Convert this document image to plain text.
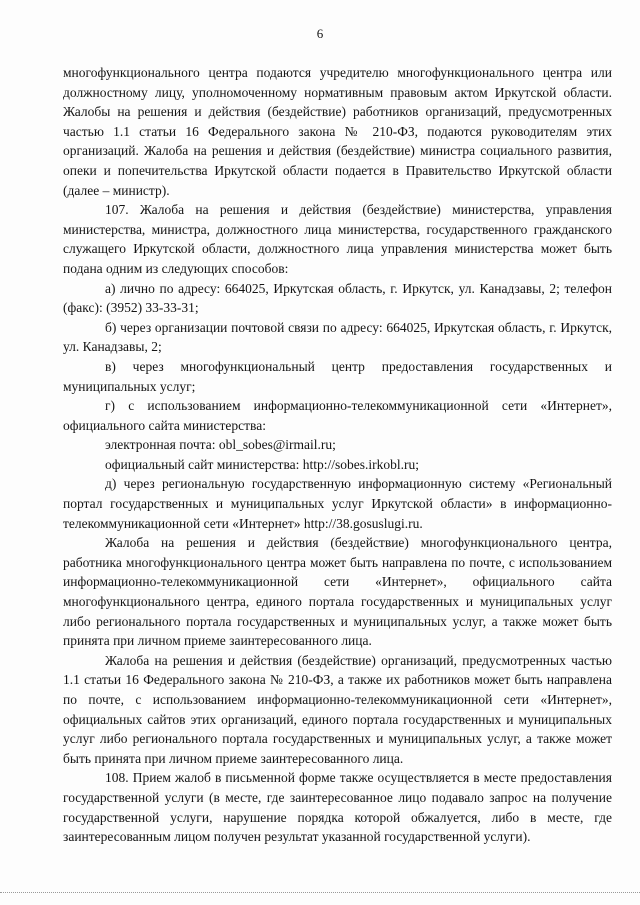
6

многофункционального центра подаются учредителю многофункционального центра или должностному лицу, уполномоченному нормативным правовым актом Иркутской области. Жалобы на решения и действия (бездействие) работников организаций, предусмотренных частью 1.1 статьи 16 Федерального закона № 210-ФЗ, подаются руководителям этих организаций. Жалоба на решения и действия (бездействие) министра социального развития, опеки и попечительства Иркутской области подается в Правительство Иркутской области (далее – министр).

107. Жалоба на решения и действия (бездействие) министерства, управления министерства, министра, должностного лица министерства, государственного гражданского служащего Иркутской области, должностного лица управления министерства может быть подана одним из следующих способов:

а) лично по адресу: 664025, Иркутская область, г. Иркутск, ул. Канадзавы, 2; телефон (факс): (3952) 33-33-31;

б) через организации почтовой связи по адресу: 664025, Иркутская область, г. Иркутск, ул. Канадзавы, 2;

в) через многофункциональный центр предоставления государственных и муниципальных услуг;

г) с использованием информационно-телекоммуникационной сети «Интернет», официального сайта министерства:

электронная почта: obl_sobes@irmail.ru;

официальный сайт министерства: http://sobes.irkobl.ru;

д) через региональную государственную информационную систему «Региональный портал государственных и муниципальных услуг Иркутской области» в информационно-телекоммуникационной сети «Интернет» http://38.gosuslugi.ru.

Жалоба на решения и действия (бездействие) многофункционального центра, работника многофункционального центра может быть направлена по почте, с использованием информационно-телекоммуникационной сети «Интернет», официального сайта многофункционального центра, единого портала государственных и муниципальных услуг либо регионального портала государственных и муниципальных услуг, а также может быть принята при личном приеме заинтересованного лица.

Жалоба на решения и действия (бездействие) организаций, предусмотренных частью 1.1 статьи 16 Федерального закона № 210-ФЗ, а также их работников может быть направлена по почте, с использованием информационно-телекоммуникационной сети «Интернет», официальных сайтов этих организаций, единого портала государственных и муниципальных услуг либо регионального портала государственных и муниципальных услуг, а также может быть принята при личном приеме заинтересованного лица.

108. Прием жалоб в письменной форме также осуществляется в месте предоставления государственной услуги (в месте, где заинтересованное лицо подавало запрос на получение государственной услуги, нарушение порядка которой обжалуется, либо в месте, где заинтересованным лицом получен результат указанной государственной услуги).
